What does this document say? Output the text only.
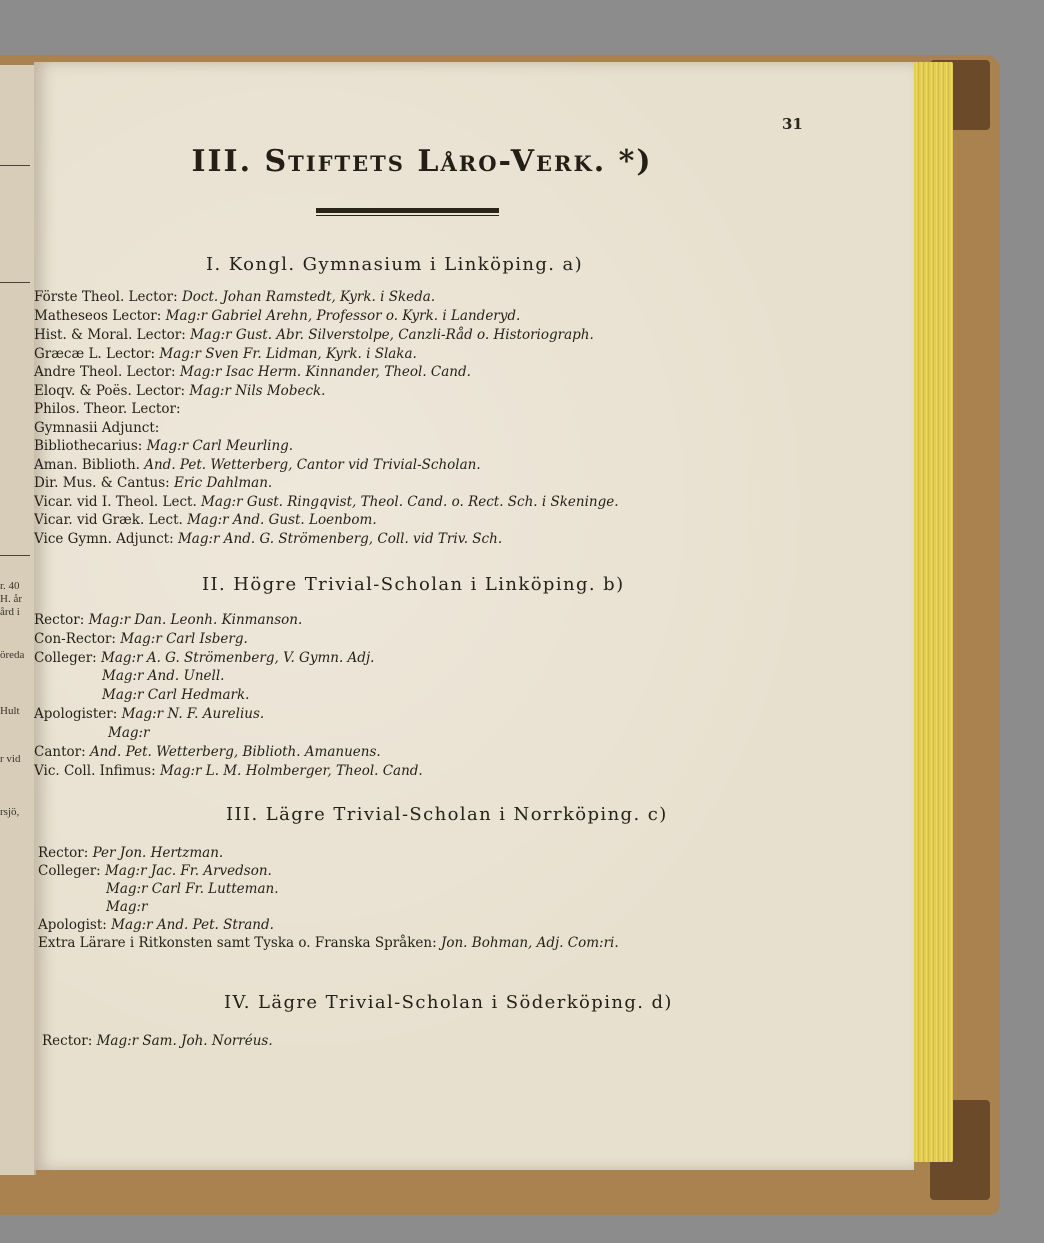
r. 40
H. år
ård i
öreda
Hult
r vid
rsjö,
31
III. Stiftets Låro-Verk. *)
I. Kongl. Gymnasium i Linköping. a)
Förste Theol. Lector: Doct. Johan Ramstedt, Kyrk. i Skeda.
Matheseos Lector: Mag:r Gabriel Arehn, Professor o. Kyrk. i Landeryd.
Hist. & Moral. Lector: Mag:r Gust. Abr. Silverstolpe, Canzli-Råd o. Historiograph.
Græcæ L. Lector: Mag:r Sven Fr. Lidman, Kyrk. i Slaka.
Andre Theol. Lector: Mag:r Isac Herm. Kinnander, Theol. Cand.
Eloqv. & Poës. Lector: Mag:r Nils Mobeck.
Philos. Theor. Lector:
Gymnasii Adjunct:
Bibliothecarius: Mag:r Carl Meurling.
Aman. Biblioth. And. Pet. Wetterberg, Cantor vid Trivial-Scholan.
Dir. Mus. & Cantus: Eric Dahlman.
Vicar. vid I. Theol. Lect. Mag:r Gust. Ringqvist, Theol. Cand. o. Rect. Sch. i Skeninge.
Vicar. vid Græk. Lect. Mag:r And. Gust. Loenbom.
Vice Gymn. Adjunct: Mag:r And. G. Strömenberg, Coll. vid Triv. Sch.
II. Högre Trivial-Scholan i Linköping. b)
Rector: Mag:r Dan. Leonh. Kinmanson.
Con-Rector: Mag:r Carl Isberg.
Colleger: Mag:r A. G. Strömenberg, V. Gymn. Adj.
Mag:r And. Unell.
Mag:r Carl Hedmark.
Apologister: Mag:r N. F. Aurelius.
Mag:r
Cantor: And. Pet. Wetterberg, Biblioth. Amanuens.
Vic. Coll. Infimus: Mag:r L. M. Holmberger, Theol. Cand.
III. Lägre Trivial-Scholan i Norrköping. c)
Rector: Per Jon. Hertzman.
Colleger: Mag:r Jac. Fr. Arvedson.
Mag:r Carl Fr. Lutteman.
Mag:r
Apologist: Mag:r And. Pet. Strand.
Extra Lärare i Ritkonsten samt Tyska o. Franska Språken: Jon. Bohman, Adj. Com:ri.
IV. Lägre Trivial-Scholan i Söderköping. d)
Rector: Mag:r Sam. Joh. Norréus.
